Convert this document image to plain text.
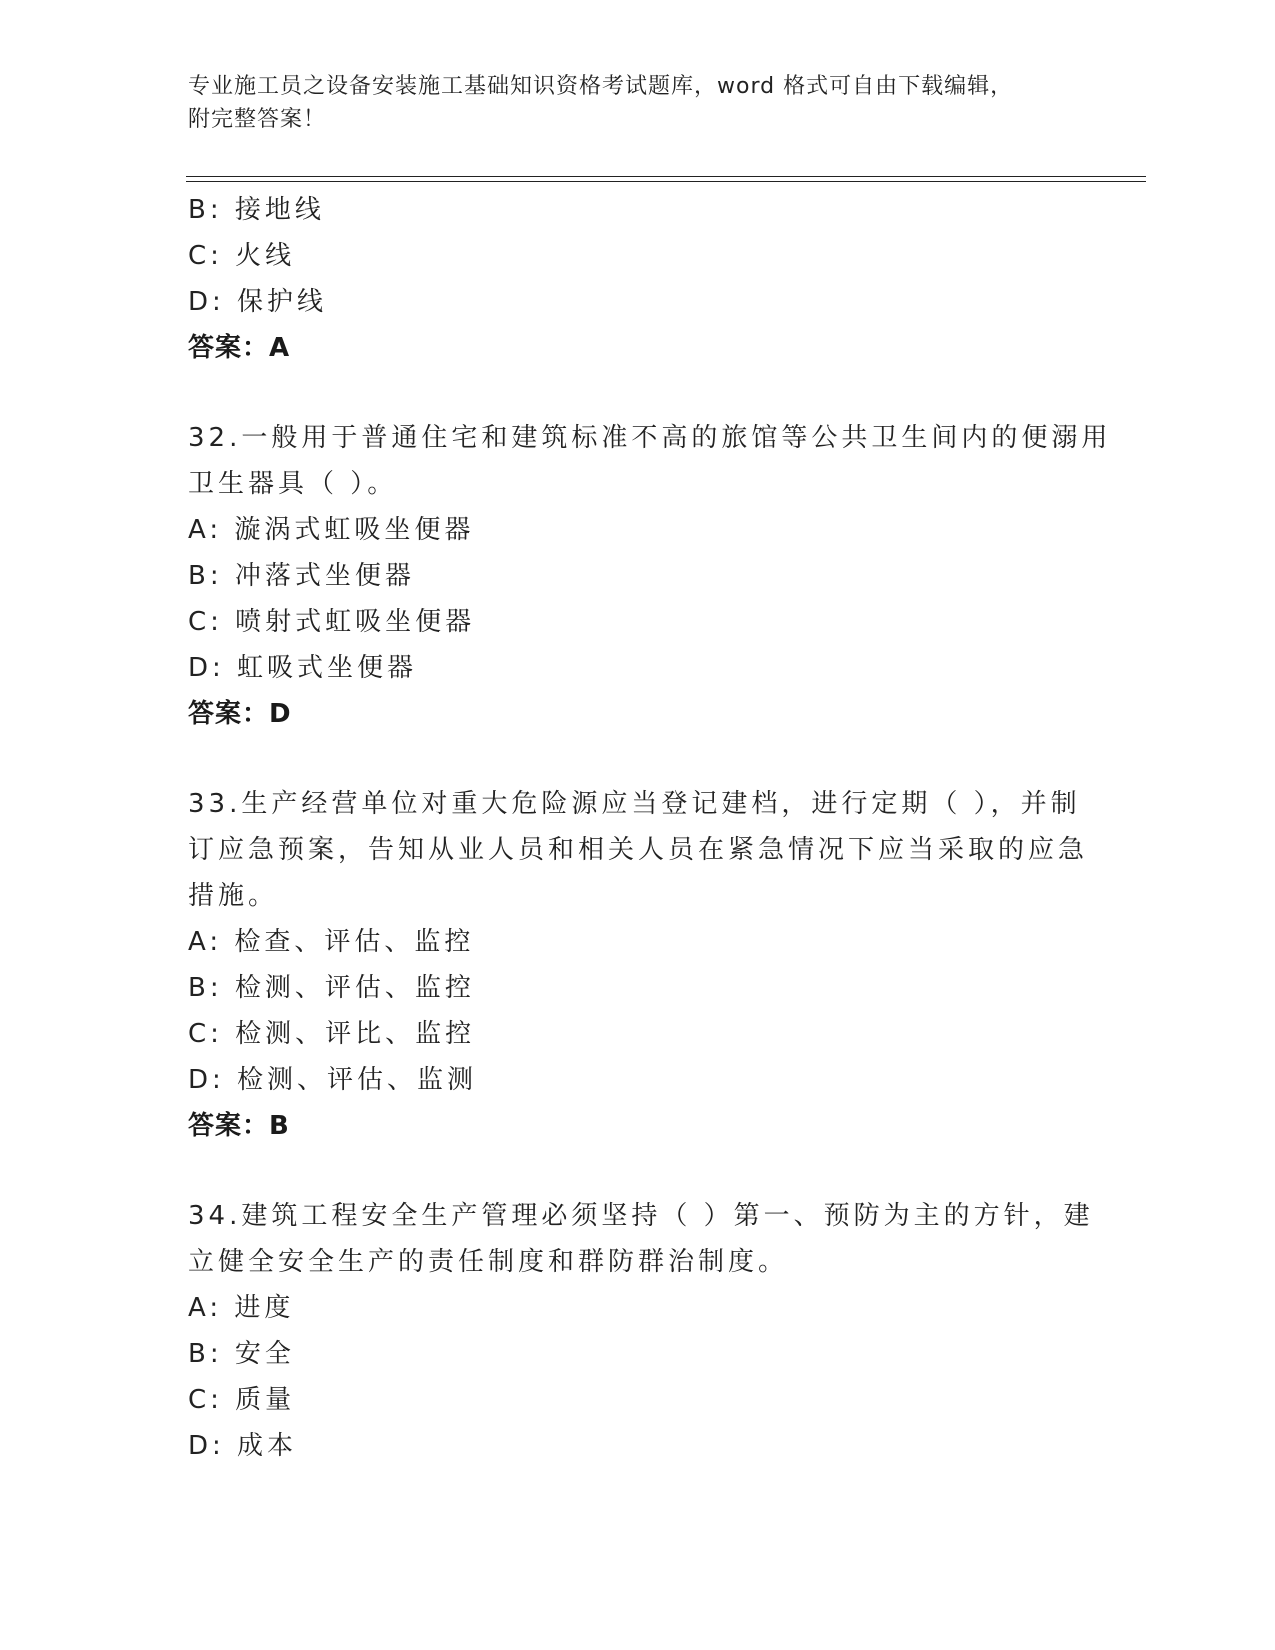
专业施工员之设备安装施工基础知识资格考试题库，word 格式可自由下载编辑，
附完整答案！
B: 接地线
C: 火线
D: 保护线
答案：A
32.一般用于普通住宅和建筑标准不高的旅馆等公共卫生间内的便溺用
卫生器具（ ）。
A: 漩涡式虹吸坐便器
B: 冲落式坐便器
C: 喷射式虹吸坐便器
D: 虹吸式坐便器
答案：D
33.生产经营单位对重大危险源应当登记建档，进行定期（ ），并制
订应急预案，告知从业人员和相关人员在紧急情况下应当采取的应急
措施。
A: 检查、评估、监控
B: 检测、评估、监控
C: 检测、评比、监控
D: 检测、评估、监测
答案：B
34.建筑工程安全生产管理必须坚持（ ）第一、预防为主的方针，建
立健全安全生产的责任制度和群防群治制度。
A: 进度
B: 安全
C: 质量
D: 成本
